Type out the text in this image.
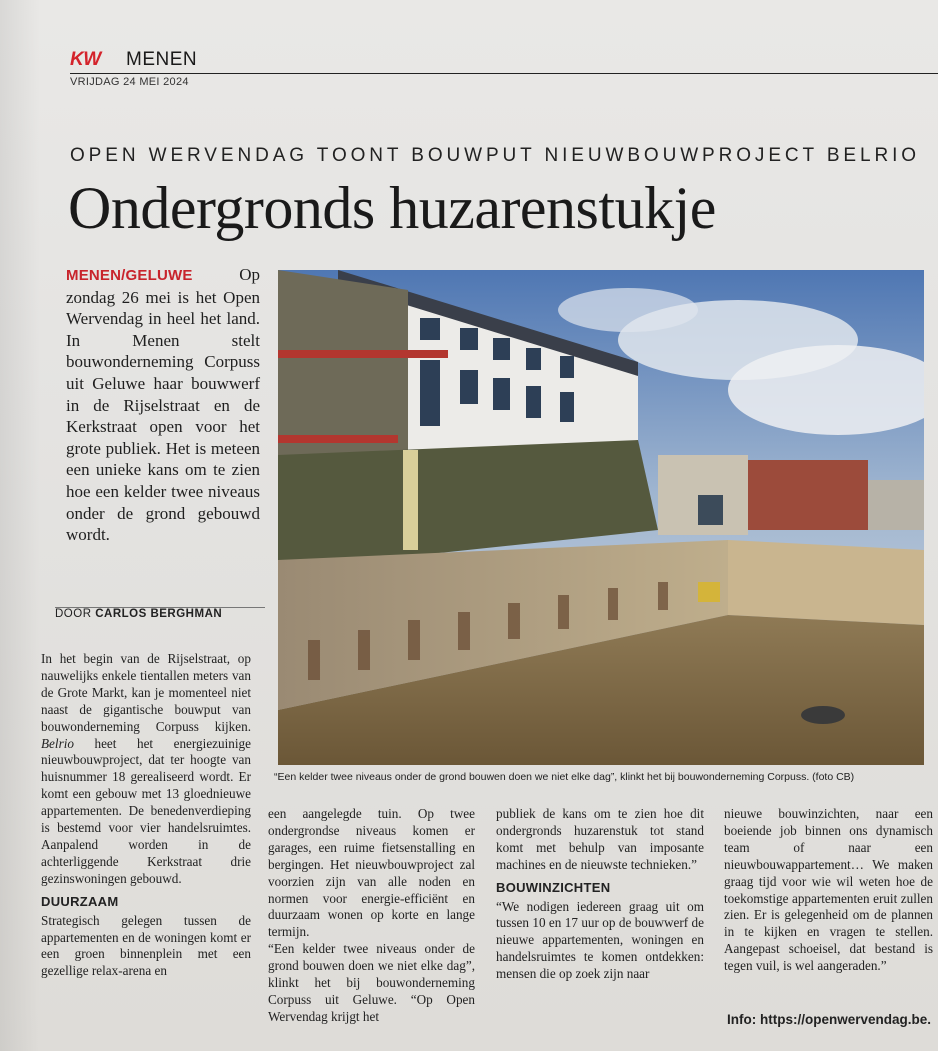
KW MENEN
VRIJDAG 24 MEI 2024
OPEN WERVENDAG TOONT BOUWPUT NIEUWBOUWPROJECT BELRIO
Ondergronds huzarenstukje
MENEN/GELUWE Op zondag 26 mei is het Open Wervendag in heel het land. In Menen stelt bouwonderneming Corpuss uit Geluwe haar bouwwerf in de Rijselstraat en de Kerkstraat open voor het grote publiek. Het is meteen een unieke kans om te zien hoe een kelder twee niveaus onder de grond gebouwd wordt.
DOOR CARLOS BERGHMAN
“Een kelder twee niveaus onder de grond bouwen doen we niet elke dag”, klinkt het bij bouwonderneming Corpuss. (foto CB)

In het begin van de Rijselstraat, op nauwelijks enkele tientallen meters van de Grote Markt, kan je momenteel niet naast de gigantische bouwput van bouwonderneming Corpuss kijken. Belrio heet het energiezuinige nieuwbouwproject, dat ter hoogte van huisnummer 18 gerealiseerd wordt. Er komt een gebouw met 13 gloednieuwe appartementen. De benedenverdieping is bestemd voor vier handelsruimtes. Aanpalend worden in de achterliggende Kerkstraat drie gezinswoningen gebouwd.

DUURZAAM

Strategisch gelegen tussen de appartementen en de woningen komt er een groen binnenplein met een gezellige relax-arena en

een aangelegde tuin. Op twee ondergrondse niveaus komen er garages, een ruime fietsenstalling en bergingen. Het nieuwbouwproject zal voorzien zijn van alle noden en normen voor energie-efficiënt en duurzaam wonen op korte en lange termijn.

“Een kelder twee niveaus onder de grond bouwen doen we niet elke dag”, klinkt het bij bouwonderneming Corpuss uit Geluwe. “Op Open Wervendag krijgt het

publiek de kans om te zien hoe dit ondergronds huzarenstuk tot stand komt met behulp van imposante machines en de nieuwste technieken.”

BOUWINZICHTEN

“We nodigen iedereen graag uit om tussen 10 en 17 uur op de bouwwerf de nieuwe appartementen, woningen en handelsruimtes te komen ontdekken: mensen die op zoek zijn naar

nieuwe bouwinzichten, naar een boeiende job binnen ons dynamisch team of naar een nieuwbouwappartement… We maken graag tijd voor wie wil weten hoe de toekomstige appartementen eruit zullen zien. Er is gelegenheid om de plannen in te kijken en vragen te stellen. Aangepast schoeisel, dat bestand is tegen vuil, is wel aangeraden.”

Info: https://openwervendag.be.
